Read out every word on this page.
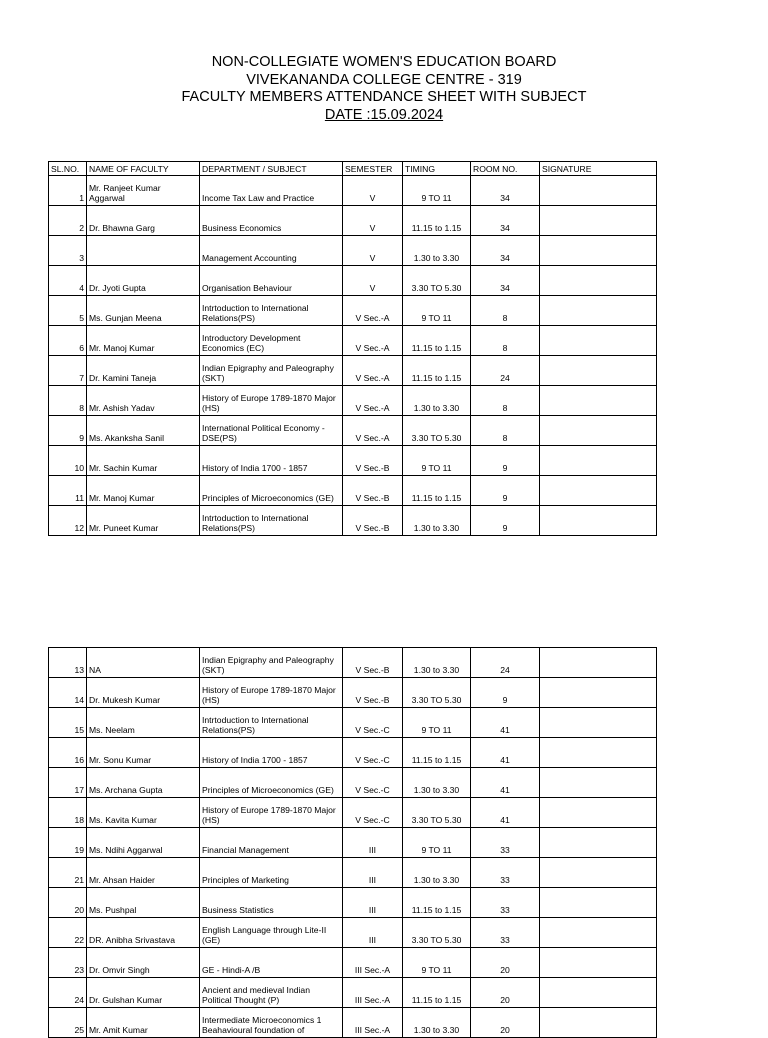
NON-COLLEGIATE WOMEN'S EDUCATION BOARD
VIVEKANANDA COLLEGE CENTRE - 319
FACULTY MEMBERS ATTENDANCE SHEET WITH SUBJECT
DATE :15.09.2024
SL.NO.	NAME OF FACULTY	DEPARTMENT / SUBJECT	SEMESTER	TIMING	ROOM NO.	SIGNATURE
1	Mr. Ranjeet Kumar Aggarwal	Income Tax Law and Practice	V	9 TO 11	34	
2	Dr. Bhawna Garg	Business Economics	V	11.15 to 1.15	34	
3		Management Accounting	V	1.30 to 3.30	34	
4	Dr. Jyoti Gupta	Organisation Behaviour	V	3.30 TO 5.30	34	
5	Ms. Gunjan Meena	Intrtoduction to International Relations(PS)	V Sec.-A	9 TO 11	8	
6	Mr. Manoj Kumar	Introductory Development Economics (EC)	V Sec.-A	11.15 to 1.15	8	
7	Dr. Kamini Taneja	Indian Epigraphy and Paleography (SKT)	V Sec.-A	11.15 to 1.15	24	
8	Mr. Ashish Yadav	History of Europe 1789-1870 Major (HS)	V Sec.-A	1.30 to 3.30	8	
9	Ms. Akanksha Sanil	International Political Economy - DSE(PS)	V Sec.-A	3.30 TO 5.30	8	
10	Mr. Sachin Kumar	History of India 1700 - 1857	V Sec.-B	9 TO 11	9	
11	Mr. Manoj Kumar	Principles of Microeconomics (GE)	V Sec.-B	11.15 to 1.15	9	
12	Mr. Puneet Kumar	Intrtoduction to International Relations(PS)	V Sec.-B	1.30 to 3.30	9	
13	NA	Indian Epigraphy and Paleography (SKT)	V Sec.-B	1.30 to 3.30	24	
14	Dr. Mukesh Kumar	History of Europe 1789-1870 Major (HS)	V Sec.-B	3.30 TO 5.30	9	
15	Ms. Neelam	Intrtoduction to International Relations(PS)	V Sec.-C	9 TO 11	41	
16	Mr. Sonu Kumar	History of India 1700 - 1857	V Sec.-C	11.15 to 1.15	41	
17	Ms. Archana Gupta	Principles of Microeconomics (GE)	V Sec.-C	1.30 to 3.30	41	
18	Ms. Kavita Kumar	History of Europe 1789-1870 Major (HS)	V Sec.-C	3.30 TO 5.30	41	
19	Ms. Ndihi Aggarwal	Financial Management	III	9 TO 11	33	
21	Mr. Ahsan Haider	Principles of Marketing	III	1.30 to 3.30	33	
20	Ms. Pushpal	Business Statistics	III	11.15 to 1.15	33	
22	DR. Anibha Srivastava	English Language through Lite-II (GE)	III	3.30 TO 5.30	33	
23	Dr. Omvir Singh	GE - Hindi-A /B	III Sec.-A	9 TO 11	20	
24	Dr. Gulshan Kumar	Ancient and medieval Indian Political Thought (P)	III Sec.-A	11.15 to 1.15	20	
25	Mr. Amit Kumar	Intermediate Microeconomics 1 Beahavioural foundation of	III Sec.-A	1.30 to 3.30	20	
